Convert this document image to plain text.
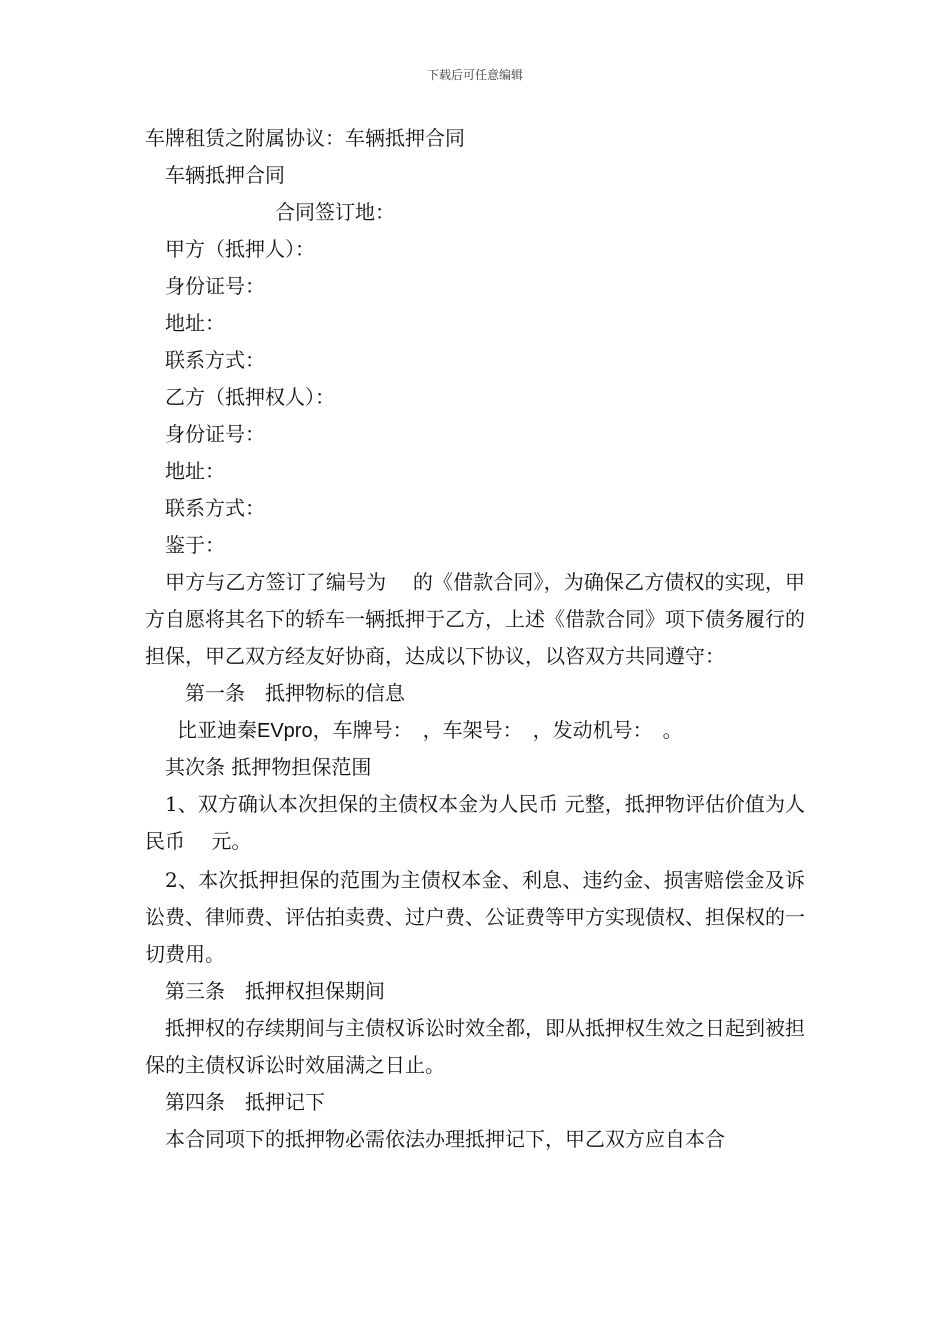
下载后可任意编辑
车牌租赁之附属协议：车辆抵押合同
车辆抵押合同
合同签订地：
甲方（抵押人）：
身份证号：
地址：
联系方式：
乙方（抵押权人）：
身份证号：
地址：
联系方式：
鉴于：

甲方与乙方签订了编号为　 的《借款合同》，为确保乙方债权的实现，甲方自愿将其名下的轿车一辆抵押于乙方，上述《借款合同》项下债务履行的担保，甲乙双方经友好协商，达成以下协议，以咨双方共同遵守：

第一条　抵押物标的信息
比亚迪秦EVpro，车牌号：　，车架号：　，发动机号：　。
其次条 抵押物担保范围

1、双方确认本次担保的主债权本金为人民币 元整，抵押物评估价值为人民币　 元。

2、本次抵押担保的范围为主债权本金、利息、违约金、损害赔偿金及诉讼费、律师费、评估拍卖费、过户费、公证费等甲方实现债权、担保权的一切费用。

第三条　抵押权担保期间

抵押权的存续期间与主债权诉讼时效全都，即从抵押权生效之日起到被担保的主债权诉讼时效届满之日止。

第四条　抵押记下

本合同项下的抵押物必需依法办理抵押记下，甲乙双方应自本合
